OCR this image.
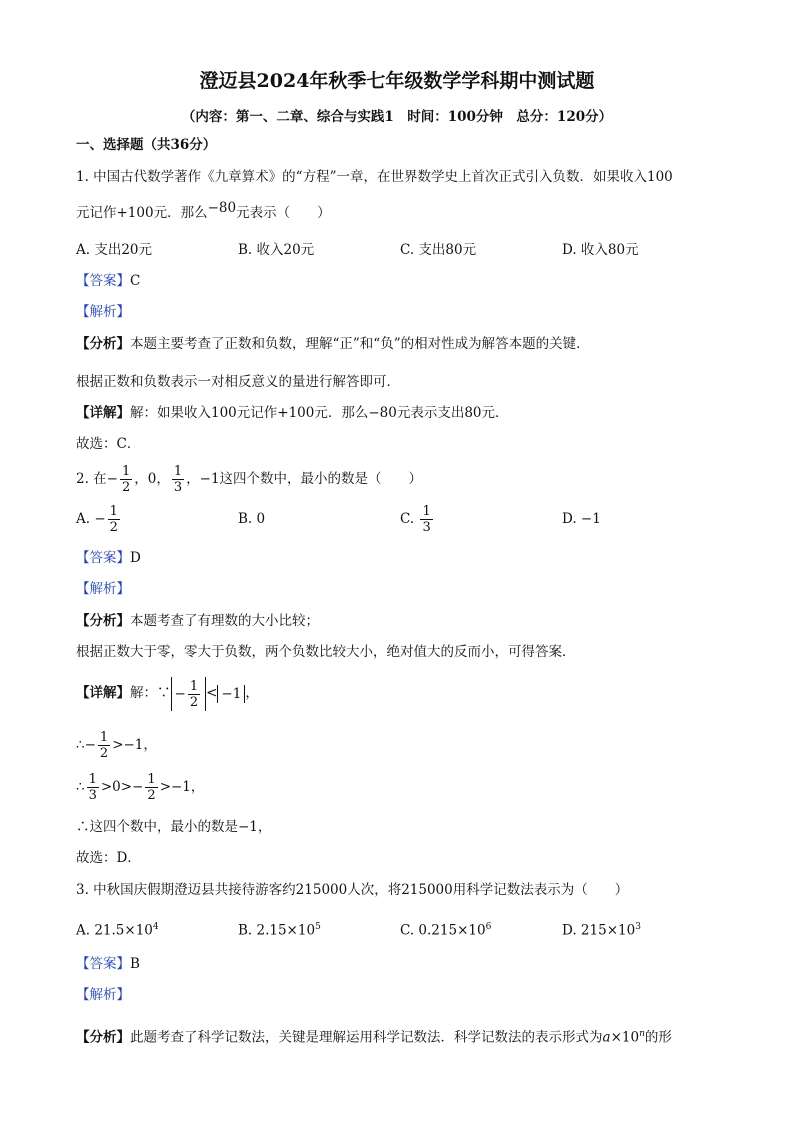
澄迈县2024年秋季七年级数学学科期中测试题
（内容：第一、二章、综合与实践1　时间：100分钟　总分：120分）
一、选择题（共36分）
1. 中国古代数学著作《九章算术》的“方程”一章，在世界数学史上首次正式引入负数．如果收入100
元记作+100元．那么−80元表示（　　）
A. 支出20元	B. 收入20元	C. 支出80元	D. 收入80元
【答案】C
【解析】
【分析】本题主要考查了正数和负数，理解“正”和“负”的相对性成为解答本题的关键．
根据正数和负数表示一对相反意义的量进行解答即可．
【详解】解：如果收入100元记作+100元．那么−80元表示支出80元．
故选：C．
2. 在− $\frac{1}{2}$ ，0， $\frac{1}{3}$ ，−1这四个数中，最小的数是（　　）
A. − $\frac{1}{2}$	B. 0	C. $\frac{1}{3}$	D. −1
【答案】D
【解析】
【分析】本题考查了有理数的大小比较；
根据正数大于零，零大于负数，两个负数比较大小，绝对值大的反而小，可得答案．
【详解】解：∵ − $\frac{1}{2} < -1$ ，
∴− $\frac{1}{2} >-1$，
∴ $\frac{1}{3} >0>- \frac{1}{2} >-1$，
∴这四个数中，最小的数是−1，
故选：D．
3. 中秋国庆假期澄迈县共接待游客约215000人次，将215000用科学记数法表示为（　　）
A. $21.5\times 10^4$	B. $2.15\times 10^5$	C. $0.215\times 10^6$	D. $215\times 10^3$
【答案】B
【解析】
【分析】此题考查了科学记数法，关键是理解运用科学记数法．科学记数法的表示形式为$a\times 10^n$的形
